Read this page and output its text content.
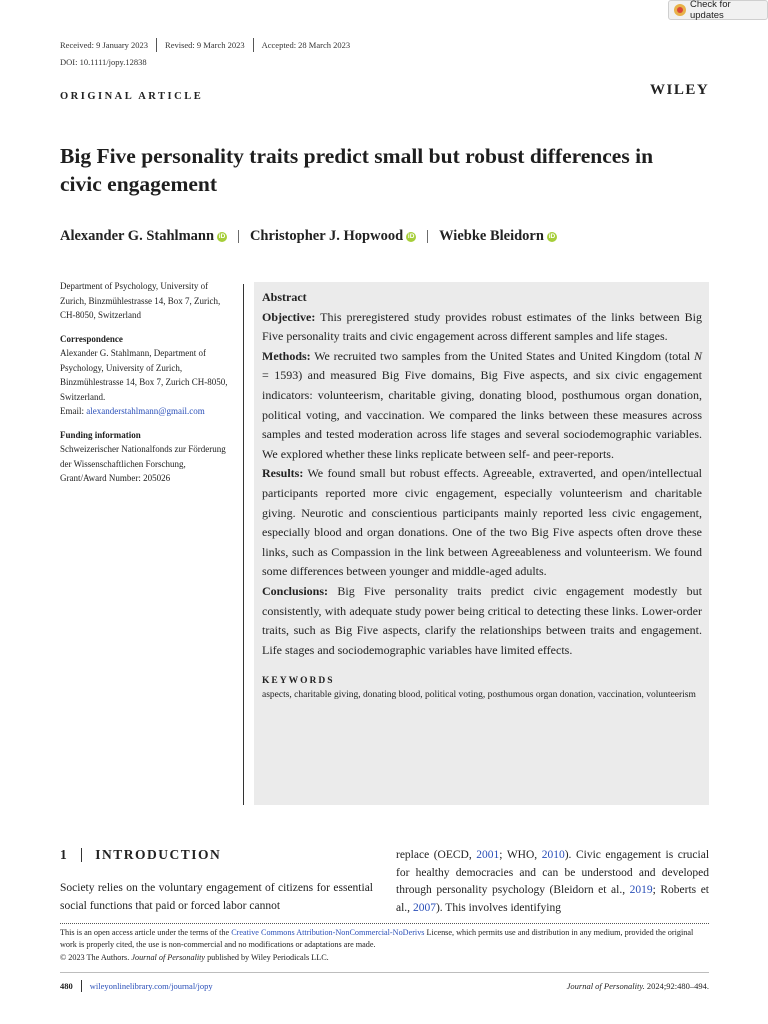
Check for updates
Received: 9 January 2023 Revised: 9 March 2023 Accepted: 28 March 2023
DOI: 10.1111/jopy.12838
ORIGINAL ARTICLE	WILEY
Big Five personality traits predict small but robust differences in civic engagement
Alexander G. Stahlmann iD | Christopher J. Hopwood iD | Wiebke Bleidorn iD
Department of Psychology, University of Zurich, Binzmühlestrasse 14, Box 7, Zurich, CH-8050, Switzerland
Correspondence
Alexander G. Stahlmann, Department of Psychology, University of Zurich, Binzmühlestrasse 14, Box 7, Zurich CH-8050, Switzerland.
Email: alexanderstahlmann@gmail.com
Funding information
Schweizerischer Nationalfonds zur Förderung der Wissenschaftlichen Forschung, Grant/Award Number: 205026

Abstract

Objective: This preregistered study provides robust estimates of the links between Big Five personality traits and civic engagement across different samples and life stages.

Methods: We recruited two samples from the United States and United Kingdom (total N = 1593) and measured Big Five domains, Big Five aspects, and six civic engagement indicators: volunteerism, charitable giving, donating blood, posthumous organ donation, political voting, and vaccination. We compared the links between these measures across samples and tested moderation across life stages and several sociodemographic variables. We explored whether these links replicate between self- and peer-reports.

Results: We found small but robust effects. Agreeable, extraverted, and open/intellectual participants reported more civic engagement, especially volunteerism and charitable giving. Neurotic and conscientious participants mainly reported less civic engagement, especially blood and organ donations. One of the two Big Five aspects often drove these links, such as Compassion in the link between Agreeableness and volunteerism. We found some differences between younger and middle-aged adults.

Conclusions: Big Five personality traits predict civic engagement modestly but consistently, with adequate study power being critical to detecting these links. Lower-order traits, such as Big Five aspects, clarify the relationships between traits and engagement. Life stages and sociodemographic variables have limited effects.

KEYWORDS

aspects, charitable giving, donating blood, political voting, posthumous organ donation, vaccination, volunteerism

1 INTRODUCTION

Society relies on the voluntary engagement of citizens for essential social functions that paid or forced labor cannot

replace (OECD, 2001; WHO, 2010). Civic engagement is crucial for healthy democracies and can be understood and developed through personality psychology (Bleidorn et al., 2019; Roberts et al., 2007). This involves identifying

This is an open access article under the terms of the Creative Commons Attribution-NonCommercial-NoDerivs License, which permits use and distribution in any medium, provided the original work is properly cited, the use is non-commercial and no modifications or adaptations are made.
© 2023 The Authors. Journal of Personality published by Wiley Periodicals LLC.
480 wileyonlinelibrary.com/journal/jopy	Journal of Personality. 2024;92:480–494.
